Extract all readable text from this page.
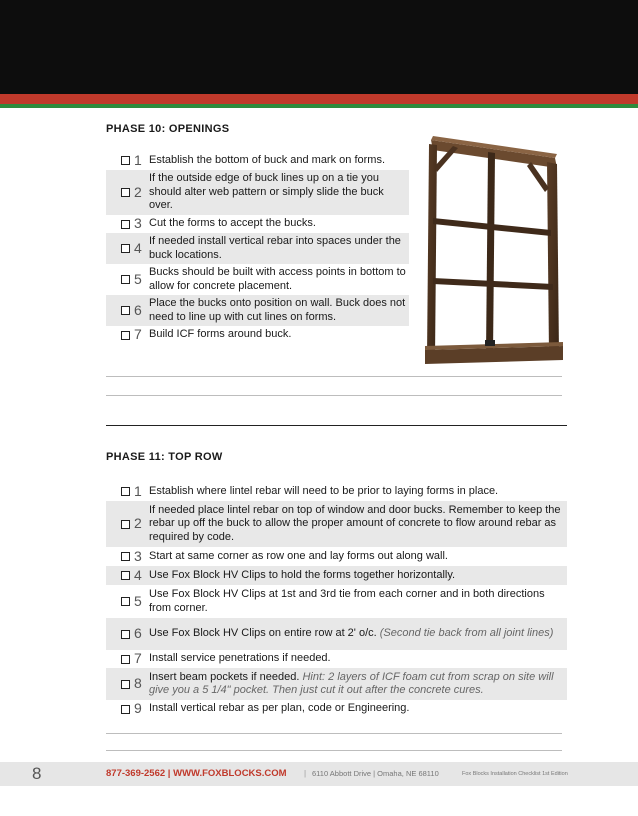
PHASE 10: OPENINGS
1 Establish the bottom of buck and mark on forms.
2
If the outside edge of buck lines up on a tie you should alter web pattern or simply slide the buck over.
3 Cut the forms to accept the bucks.
4 If needed install vertical rebar into spaces under the buck locations.
5 Bucks should be built with access points in bottom to allow for concrete placement.
6 Place the bucks onto position on wall. Buck does not need to line up with cut lines on forms.
7 Build ICF forms around buck.
PHASE 11: TOP ROW
1 Establish where lintel rebar will need to be prior to laying forms in place.
2
If needed place lintel rebar on top of window and door bucks. Remember to keep the rebar up off the buck to allow the proper amount of concrete to flow around rebar as required by code.
3 Start at same corner as row one and lay forms out along wall.
4 Use Fox Block HV Clips to hold the forms together horizontally.
5 Use Fox Block HV Clips at 1st and 3rd tie from each corner and in both directions from corner.
6 Use Fox Block HV Clips on entire row at 2' o/c. (Second tie back from all joint lines)
7 Install service penetrations if needed.
8 Insert beam pockets if needed. Hint: 2 layers of ICF foam cut from scrap on site will give you a 5 1/4" pocket. Then just cut it out after the concrete cures.
9 Install vertical rebar as per plan, code or Engineering.
8	877-369-2562 | WWW.FOXBLOCKS.COM | 6110 Abbott Drive | Omaha, NE 68110	Fox Blocks Installation Checklist 1st Edition
